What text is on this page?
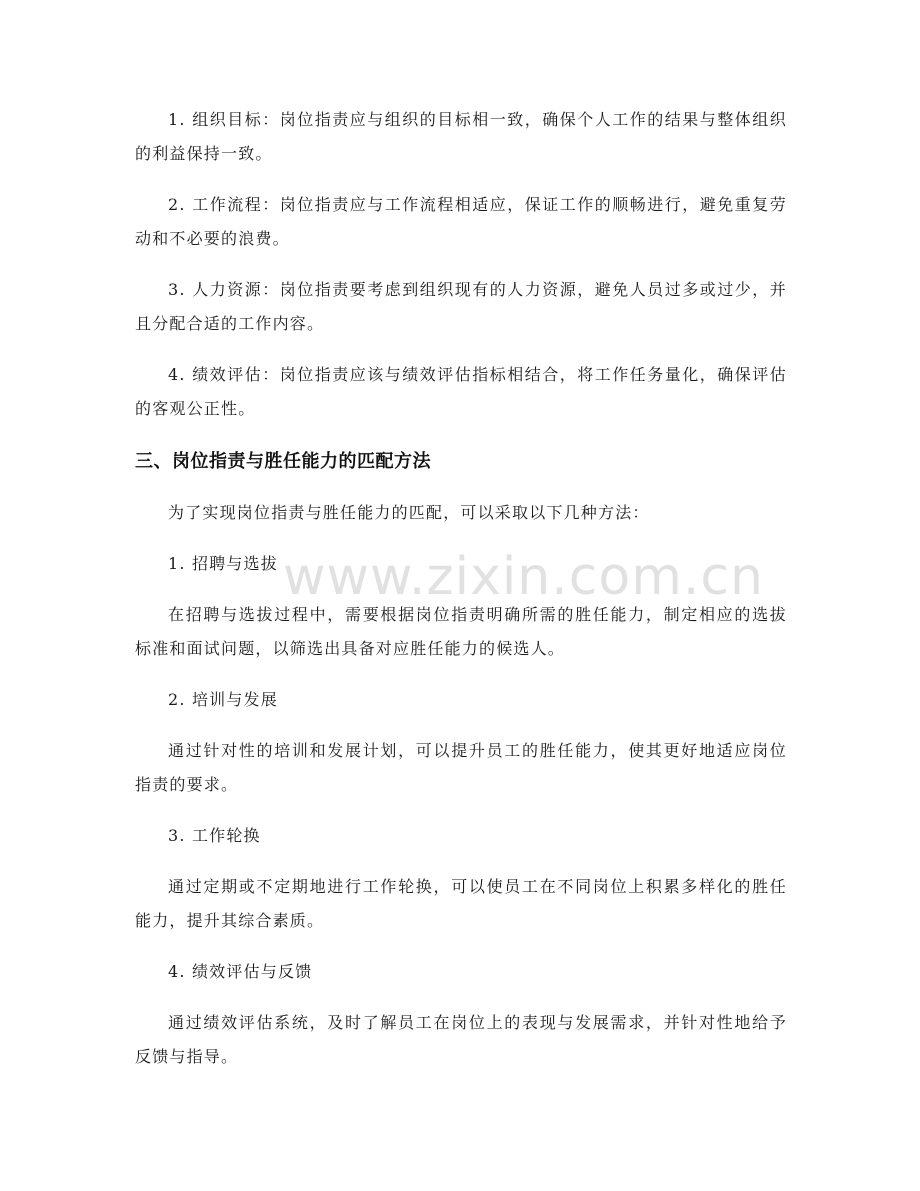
1. 组织目标：岗位指责应与组织的目标相一致，确保个人工作的结果与整体组织的利益保持一致。

2. 工作流程：岗位指责应与工作流程相适应，保证工作的顺畅进行，避免重复劳动和不必要的浪费。

3. 人力资源：岗位指责要考虑到组织现有的人力资源，避免人员过多或过少，并且分配合适的工作内容。

4. 绩效评估：岗位指责应该与绩效评估指标相结合，将工作任务量化，确保评估的客观公正性。

三、岗位指责与胜任能力的匹配方法

为了实现岗位指责与胜任能力的匹配，可以采取以下几种方法：

1. 招聘与选拔

在招聘与选拔过程中，需要根据岗位指责明确所需的胜任能力，制定相应的选拔标准和面试问题，以筛选出具备对应胜任能力的候选人。

2. 培训与发展

通过针对性的培训和发展计划，可以提升员工的胜任能力，使其更好地适应岗位指责的要求。

3. 工作轮换

通过定期或不定期地进行工作轮换，可以使员工在不同岗位上积累多样化的胜任能力，提升其综合素质。

4. 绩效评估与反馈

通过绩效评估系统，及时了解员工在岗位上的表现与发展需求，并针对性地给予反馈与指导。

www.zixin.com.cn
